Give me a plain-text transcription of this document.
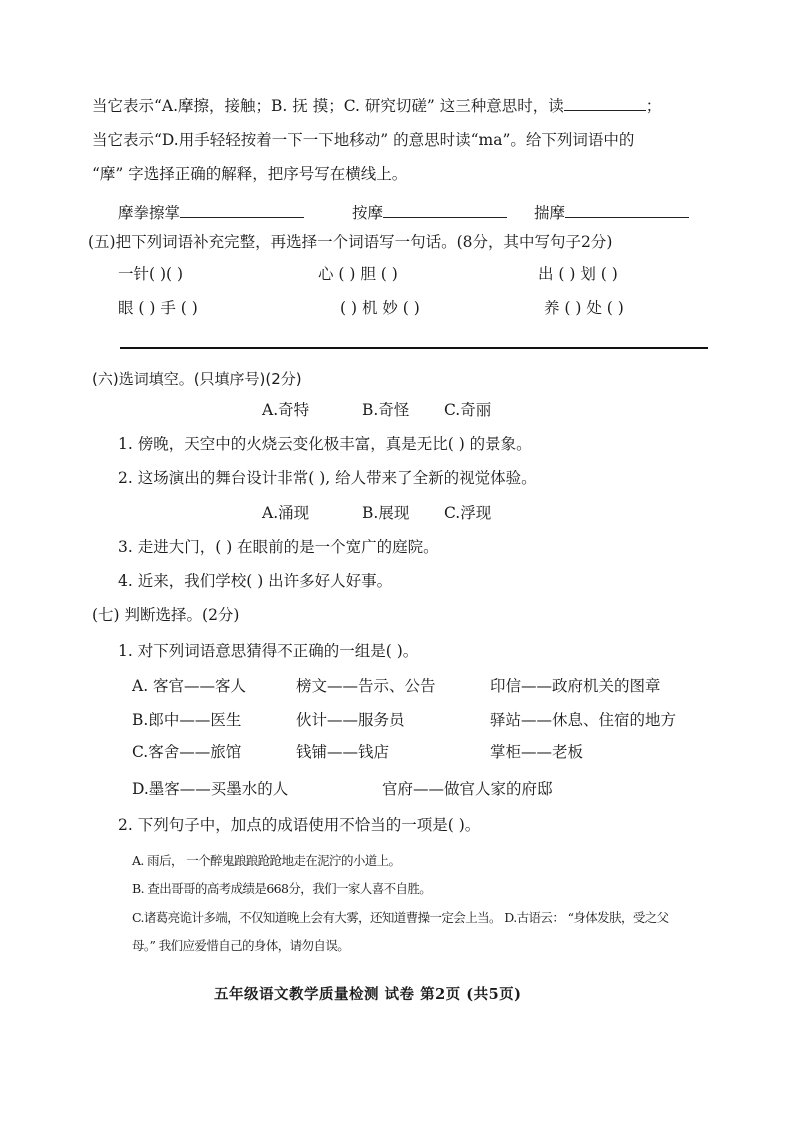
当它表示“A.摩擦，接触；B. 抚 摸；C. 研究切磋” 这三种意思时，读	；
当它表示“D.用手轻轻按着一下一下地移动” 的意思时读“ma”。给下列词语中的
“摩” 字选择正确的解释，把序号写在横线上。
摩拳擦掌	按摩	揣摩
(五)把下列词语补充完整，再选择一个词语写一句话。(8分，其中写句子2分)
一针( )( )	心 ( ) 胆 ( )	出 ( ) 划 ( )
眼 ( ) 手 ( )	( ) 机 妙 ( )	养 ( ) 处 ( )
(六)选词填空。(只填序号)(2分)
A.奇特	B.奇怪 C.奇丽
1. 傍晚，天空中的火烧云变化极丰富，真是无比( ) 的景象。
2. 这场演出的舞台设计非常( ), 给人带来了全新的视觉体验。
A.涌现	B.展现 C.浮现
3. 走进大门，( ) 在眼前的是一个宽广的庭院。
4. 近来，我们学校( ) 出许多好人好事。
(七) 判断选择。(2分)
1. 对下列词语意思猜得不正确的一组是( )。
A. 客官——客人	榜文——告示、公告	印信——政府机关的图章
B.郎中——医生	伙计——服务员	驿站——休息、住宿的地方
C.客舍——旅馆	钱铺——钱店	掌柜——老板
D.墨客——买墨水的人	官府——做官人家的府邸
2. 下列句子中，加点的成语使用不恰当的一项是( )。
A. 雨后， 一个醉鬼踉踉跄跄地走在泥泞的小道上。
B. 查出哥哥的高考成绩是668分，我们一家人喜不自胜。
C.诸葛亮诡计多端，不仅知道晚上会有大雾，还知道曹操一定会上当。 D.古语云： “身体发肤，受之父
母。” 我们应爱惜自己的身体，请勿自误。
五年级语文教学质量检测 试卷 第2页 (共5页)
